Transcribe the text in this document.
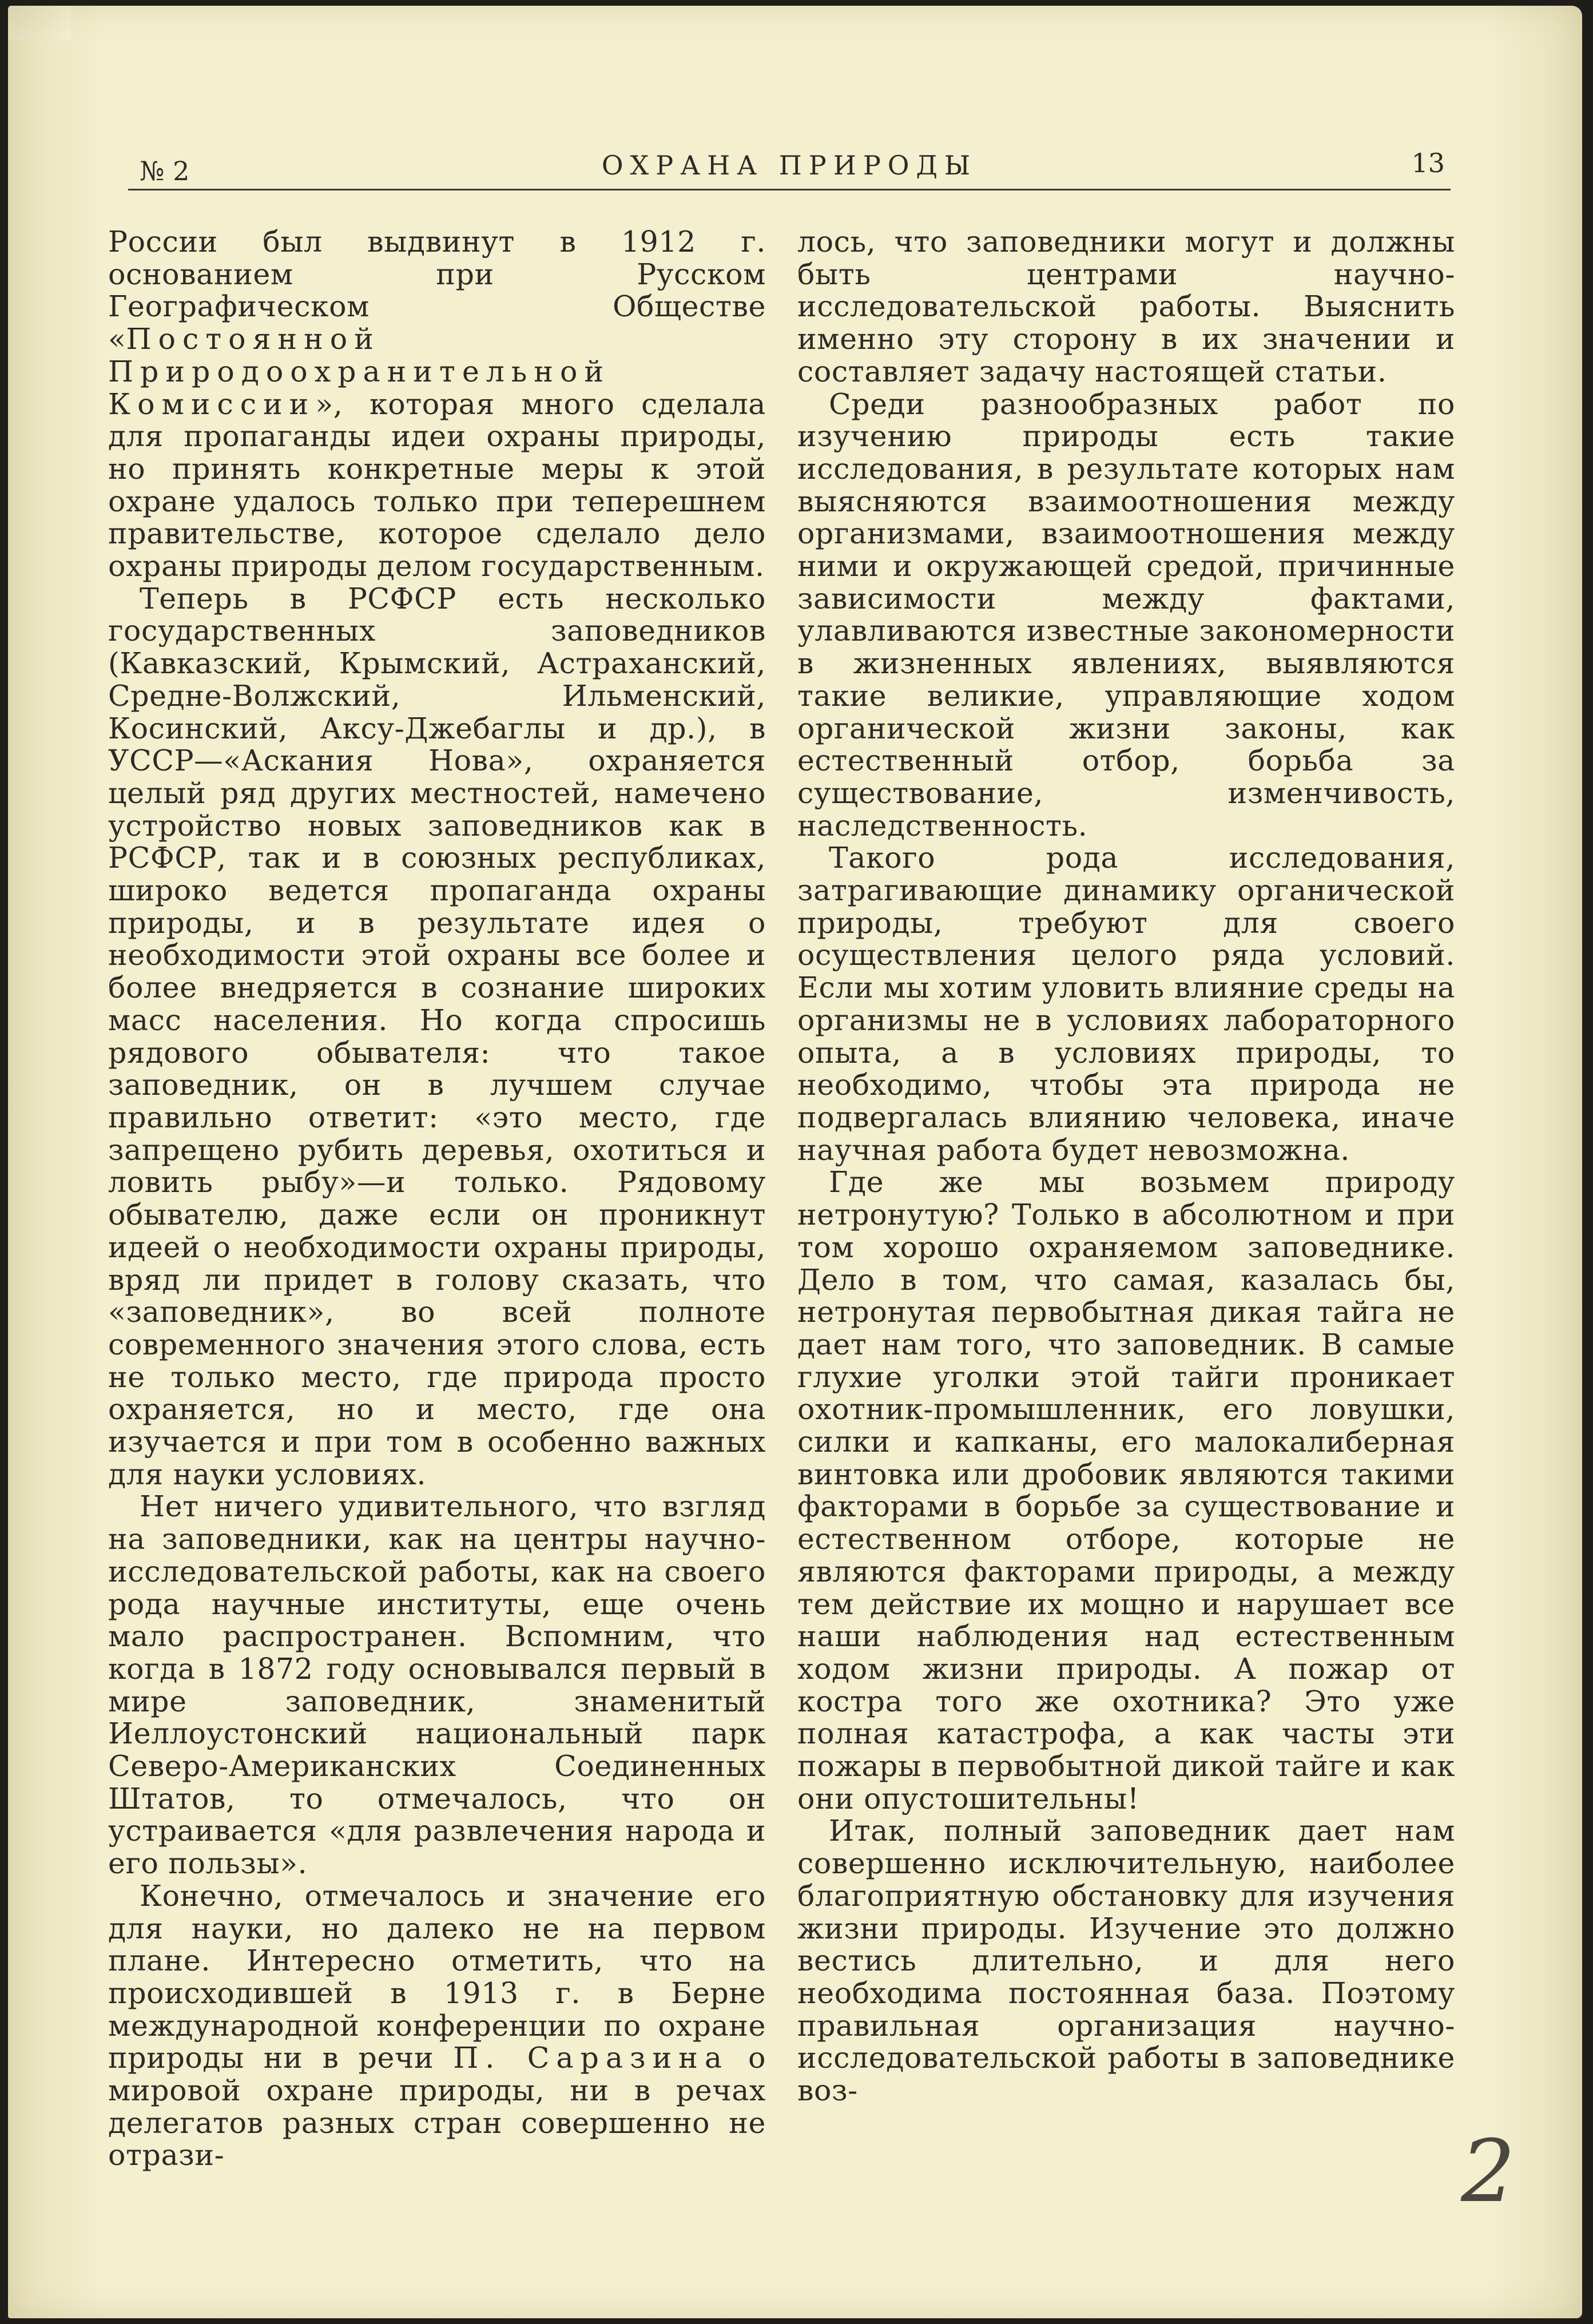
№ 2	ОХРАНА ПРИРОДЫ	13

России был выдвинут в 1912 г. основанием при Русском Географическом Обществе «Постоянной Природоохранительной Комиссии», которая много сделала для пропаганды идеи охраны природы, но принять конкретные меры к этой охране удалось только при теперешнем правительстве, которое сделало дело охраны природы делом государственным.

Теперь в РСФСР есть несколько государственных заповедников (Кавказский, Крымский, Астраханский, Средне-Волжский, Ильменский, Косинский, Аксу-Джебаглы и др.), в УССР—«Аскания Нова», охраняется целый ряд других местностей, намечено устройство новых заповедников как в РСФСР, так и в союзных республиках, широко ведется пропаганда охраны природы, и в результате идея о необходимости этой охраны все более и более внедряется в сознание широких масс населения. Но когда спросишь рядового обывателя: что такое заповедник, он в лучшем случае правильно ответит: «это место, где запрещено рубить деревья, охотиться и ловить рыбу»—и только. Рядовому обывателю, даже если он проникнут идеей о необходимости охраны природы, вряд ли придет в голову сказать, что «заповедник», во всей полноте современного значения этого слова, есть не только место, где природа просто охраняется, но и место, где она изучается и при том в особенно важных для науки условиях.

Нет ничего удивительного, что взгляд на заповедники, как на центры научно-исследовательской работы, как на своего рода научные институты, еще очень мало распространен. Вспомним, что когда в 1872 году основывался первый в мире заповедник, знаменитый Иеллоустонский национальный парк Северо-Американских Соединенных Штатов, то отмечалось, что он устраивается «для развлечения народа и его пользы».

Конечно, отмечалось и значение его для науки, но далеко не на первом плане. Интересно отметить, что на происходившей в 1913 г. в Берне международной конференции по охране природы ни в речи П. Саразина о мировой охране природы, ни в речах делегатов разных стран совершенно не отрази-

лось, что заповедники могут и должны быть центрами научно-исследовательской работы. Выяснить именно эту сторону в их значении и составляет задачу настоящей статьи.

Среди разнообразных работ по изучению природы есть такие исследования, в результате которых нам выясняются взаимоотношения между организмами, взаимоотношения между ними и окружающей средой, причинные зависимости между фактами, улавливаются известные закономерности в жизненных явлениях, выявляются такие великие, управляющие ходом органической жизни законы, как естественный отбор, борьба за существование, изменчивость, наследственность.

Такого рода исследования, затрагивающие динамику органической природы, требуют для своего осуществления целого ряда условий. Если мы хотим уловить влияние среды на организмы не в условиях лабораторного опыта, а в условиях природы, то необходимо, чтобы эта природа не подвергалась влиянию человека, иначе научная работа будет невозможна.

Где же мы возьмем природу нетронутую? Только в абсолютном и при том хорошо охраняемом заповеднике. Дело в том, что самая, казалась бы, нетронутая первобытная дикая тайга не дает нам того, что заповедник. В самые глухие уголки этой тайги проникает охотник-промышленник, его ловушки, силки и капканы, его малокалиберная винтовка или дробовик являются такими факторами в борьбе за существование и естественном отборе, которые не являются факторами природы, а между тем действие их мощно и нарушает все наши наблюдения над естественным ходом жизни природы. А пожар от костра того же охотника? Это уже полная катастрофа, а как часты эти пожары в первобытной дикой тайге и как они опустошительны!

Итак, полный заповедник дает нам совершенно исключительную, наиболее благоприятную обстановку для изучения жизни природы. Изучение это должно вестись длительно, и для него необходима постоянная база. Поэтому правильная организация научно-исследовательской работы в заповеднике воз-

2
